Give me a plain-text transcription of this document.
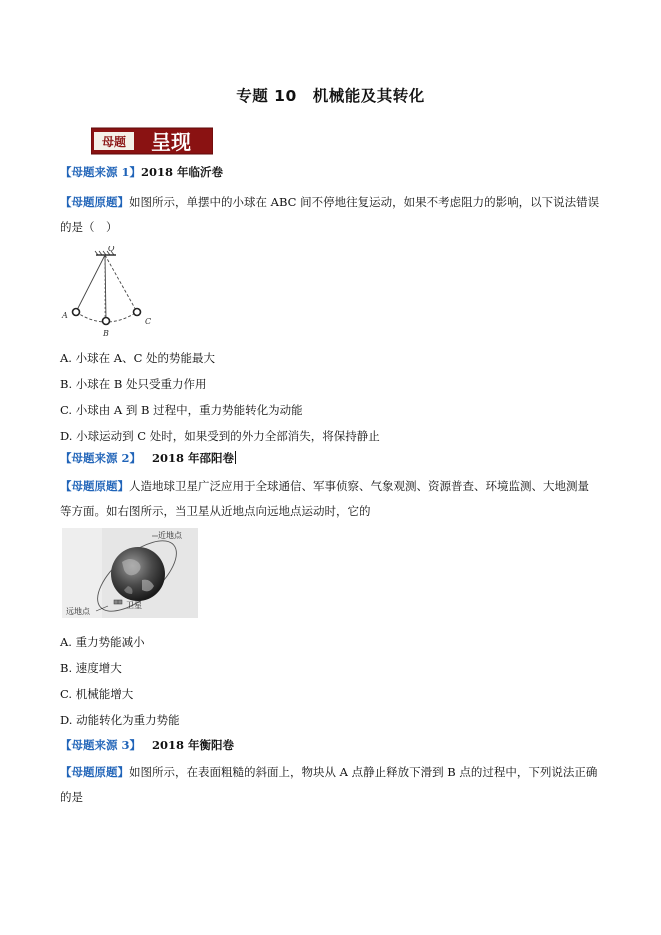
专题 10　机械能及其转化
母题 呈现
【母题来源 1】2018 年临沂卷
【母题原题】如图所示，单摆中的小球在 ABC 间不停地往复运动，如果不考虑阻力的影响，以下说法错误
的是（　）
O
A
B
C
A. 小球在 A、C 处的势能最大
B. 小球在 B 处只受重力作用
C. 小球由 A 到 B 过程中，重力势能转化为动能
D. 小球运动到 C 处时，如果受到的外力全部消失，将保持静止
【母题来源 2】 2018 年邵阳卷
【母题原题】人造地球卫星广泛应用于全球通信、军事侦察、气象观测、资源普查、环境监测、大地测量
等方面。如右图所示，当卫星从近地点向远地点运动时，它的
近地点
远地点
卫星
A. 重力势能减小
B. 速度增大
C. 机械能增大
D. 动能转化为重力势能
【母题来源 3】 2018 年衡阳卷
【母题原题】如图所示，在表面粗糙的斜面上，物块从 A 点静止释放下滑到 B 点的过程中，下列说法正确
的是
